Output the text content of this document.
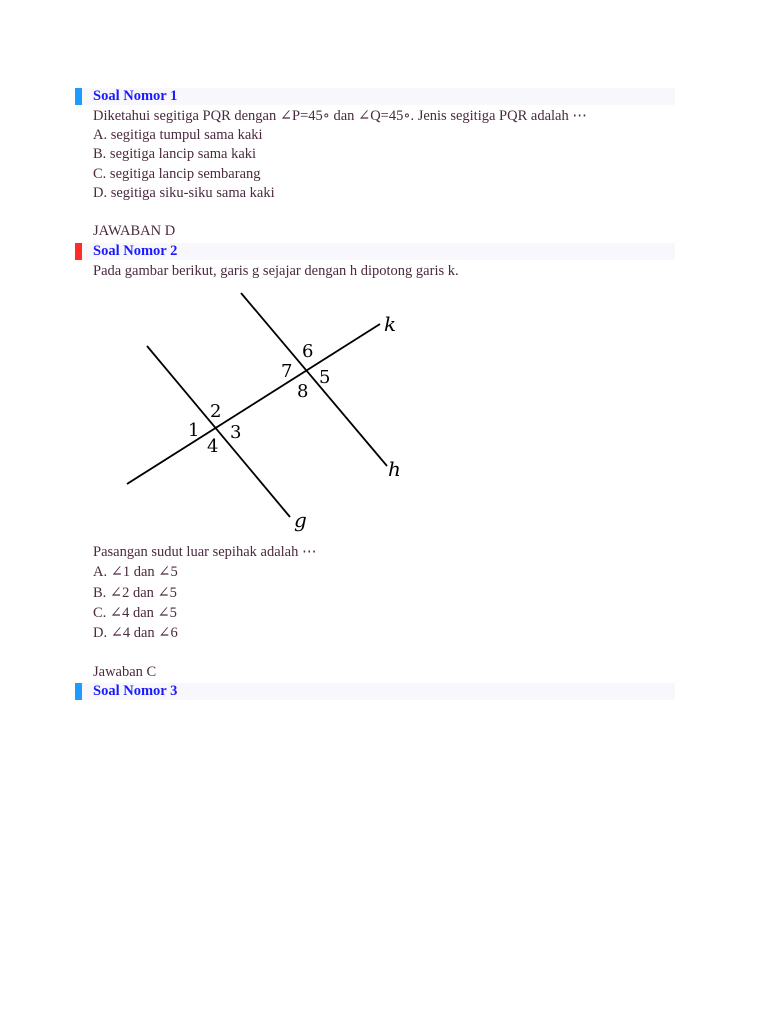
Soal Nomor 1
Diketahui segitiga PQR dengan ∠P=45∘ dan ∠Q=45∘. Jenis segitiga PQR adalah ⋯
A. segitiga tumpul sama kaki
B. segitiga lancip sama kaki
C. segitiga lancip sembarang
D. segitiga siku-siku sama kaki
JAWABAN D
Soal Nomor 2
Pada gambar berikut, garis g sejajar dengan h dipotong garis k.
k
h
g
1
2
3
4
5
6
7
8
Pasangan sudut luar sepihak adalah ⋯
A. ∠1 dan ∠5
B. ∠2 dan ∠5
C. ∠4 dan ∠5
D. ∠4 dan ∠6
Jawaban C
Soal Nomor 3
